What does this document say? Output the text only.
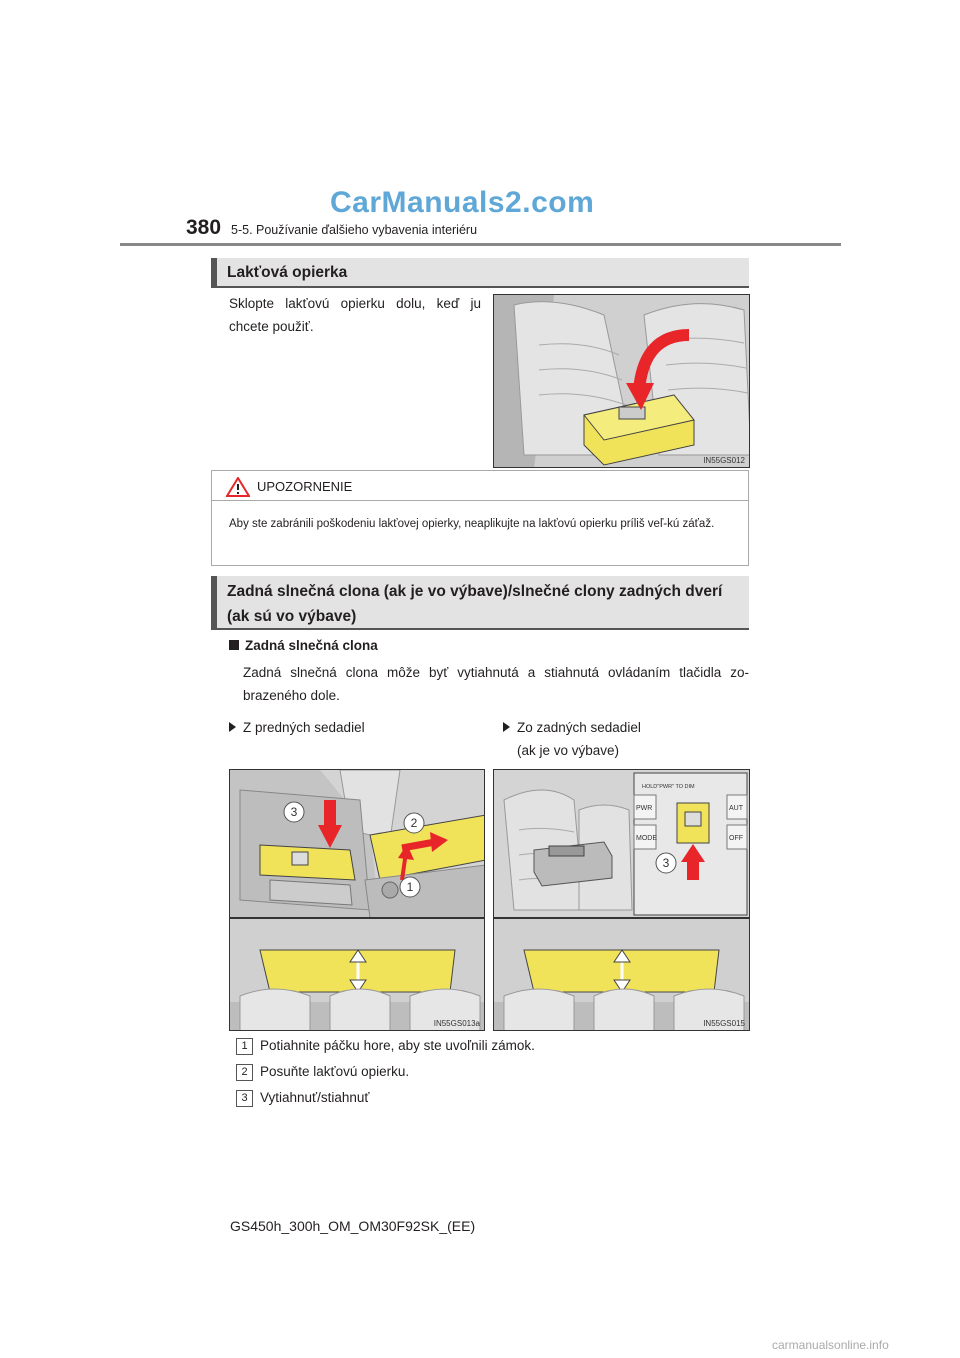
CarManuals2.com
380 5-5. Používanie ďalšieho vybavenia interiéru
Lakťová opierka
Sklopte lakťovú opierku dolu, keď ju chcete použiť.
IN55GS012
UPOZORNENIE
Aby ste zabránili poškodeniu lakťovej opierky, neaplikujte na lakťovú opierku príliš veľ-kú záťaž.
Zadná slnečná clona (ak je vo výbave)/slnečné clony zadných dverí
(ak sú vo výbave)
Zadná slnečná clona
Zadná slnečná clona môže byť vytiahnutá a stiahnutá ovládaním tlačidla zo-brazeného dole.
Z predných sedadiel	Zo zadných sedadiel
(ak je vo výbave)
3
2
1
IN55GS013a
HOLD"PWR" TO DIM
PWR
MODE
AUT
OFF
3
IN55GS015
1 Potiahnite páčku hore, aby ste uvoľnili zámok.
2 Posuňte lakťovú opierku.
3 Vytiahnuť/stiahnuť
GS450h_300h_OM_OM30F92SK_(EE)
carmanualsonline.info
